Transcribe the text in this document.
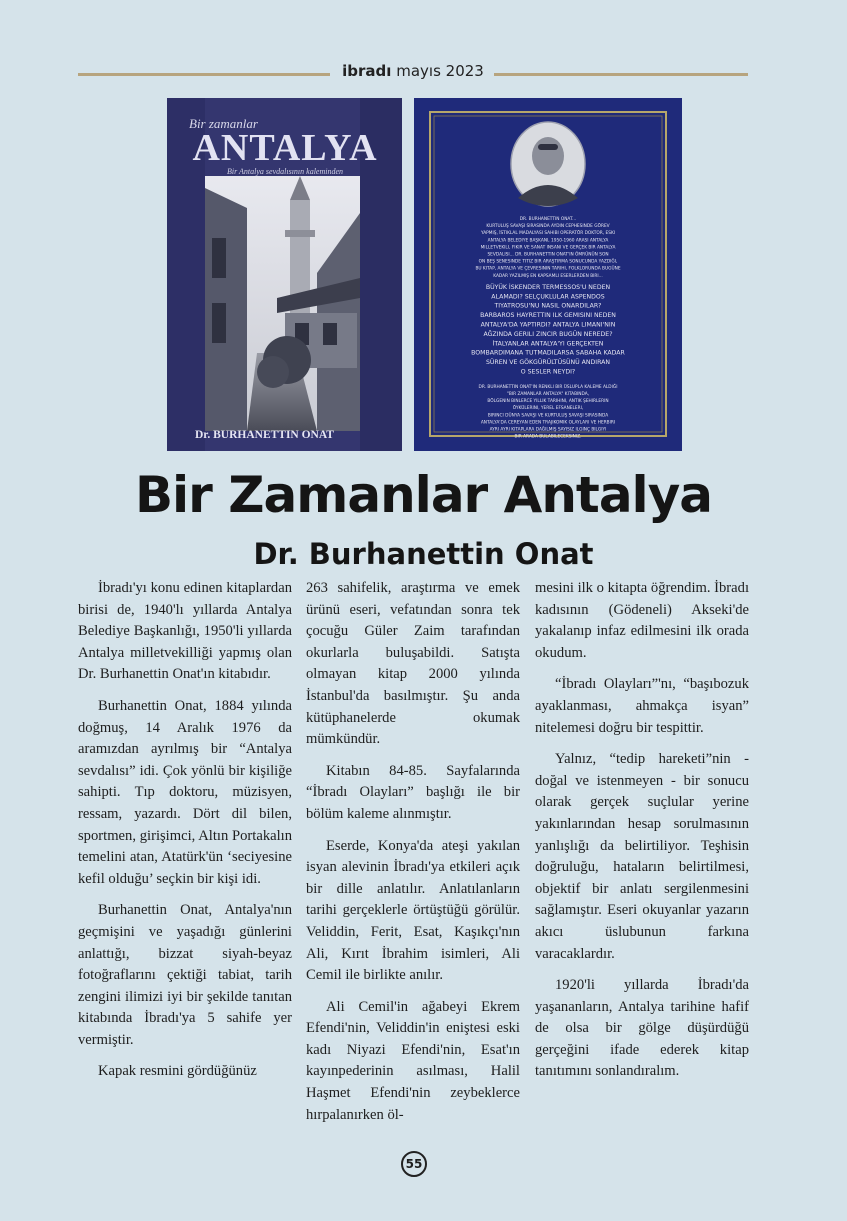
ibradı mayıs 2023
Bir zamanlar
ANTALYA
Bir Antalya sevdalısının kaleminden
Dr. BURHANETTIN ONAT
DR. BURHANETTIN ONAT...
KURTULUŞ SAVAŞI SIRASINDA AYDIN CEPHESINDE GÖREV
YAPMIŞ, İSTIKLAL MADALYASI SAHIBI OPERATÖR DOKTOR, ESKI
ANTALYA BELEDIYE BAŞKANI, 1950-1960 ARASI ANTALYA
MILLETVEKILI, FIKIR VE SANAT INSANI VE GERÇEK BIR ANTALYA
SEVDALISI... DR. BURHANETTIN ONAT'IN ÖMRÜNÜN SON
ON BEŞ SENESINDE TITIZ BIR ARAŞTIRMA SONUCUNDA YAZDIĞI,
BU KITAP, ANTALYA VE ÇEVRESININ TARIHI, FOLKLORUNDA BUGÜNE
KADAR YAZILMIŞ EN KAPSAMLI ESERLERDEN BIRI...
BÜYÜK İSKENDER TERMESSOS'U NEDEN
ALAMADI? SELÇUKLULAR ASPENDOS
TIYATROSU'NU NASIL ONARDILAR?
BARBAROS HAYRETTIN ILK GEMISINI NEDEN
ANTALYA'DA YAPTIRDI? ANTALYA LIMANI'NIN
AĞZINDA GERILI ZINCIR BUGÜN NEREDE?
İTALYANLAR ANTALYA'YI GERÇEKTEN
BOMBARDIMANA TUTMADILARSA SABAHA KADAR
SÜREN VE GÖKGÜRÜLTÜSÜNÜ ANDIRAN
O SESLER NEYDI?
DR. BURHANETTIN ONAT'IN RENKLI BIR ÜSLUPLA KALEME ALDIĞI
"BIR ZAMANLAR ANTALYA" KITABINDA,
BÖLGENIN BINLERCE YILLIK TARIHINI, ANTIK ŞEHIRLERIN
ÖYKÜLERINI, YEREL EFSANELERI,
BIRINCI DÜNYA SAVAŞI VE KURTULUŞ SAVAŞI SIRASINDA
ANTALYA'DA CEREYAN EDEN TRAJIKOMIK OLAYLARI VE HERBIRI
AYRI AYRI KITAPLARA DAĞILMIŞ SAYISIZ ILGINÇ BILGIYI
BIR ARADA BULABILECEKSINIZ.
Bir Zamanlar Antalya
Dr. Burhanettin Onat

İbradı'yı konu edinen kitaplardan birisi de, 1940'lı yıllarda Antalya Belediye Başkanlığı, 1950'li yıllarda Antalya milletvekilliği yapmış olan Dr. Burhanettin Onat'ın kitabıdır.

Burhanettin Onat, 1884 yılında doğmuş, 14 Aralık 1976 da aramızdan ayrılmış bir “Antalya sevdalısı” idi. Çok yönlü bir kişiliğe sahipti. Tıp doktoru, müzisyen, ressam, yazardı. Dört dil bilen, sportmen, girişimci, Altın Portakalın temelini atan, Atatürk'ün ‘seciyesine kefil olduğu’ seçkin bir kişi idi.

Burhanettin Onat, Antalya'nın geçmişini ve yaşadığı günlerini anlattığı, bizzat siyah-beyaz fotoğraflarını çektiği tabiat, tarih zengini ilimizi iyi bir şekilde tanıtan kitabında İbradı'ya 5 sahife yer vermiştir.

Kapak resmini gördüğünüz

263 sahifelik, araştırma ve emek ürünü eseri, vefatından sonra tek çocuğu Güler Zaim tarafından okurlarla buluşabildi. Satışta olmayan kitap 2000 yılında İstanbul'da basılmıştır. Şu anda kütüphanelerde okumak mümkündür.

Kitabın 84-85. Sayfalarında “İbradı Olayları” başlığı ile bir bölüm kaleme alınmıştır.

Eserde, Konya'da ateşi yakılan isyan alevinin İbradı'ya etkileri açık bir dille anlatılır. Anlatılanların tarihi gerçeklerle örtüştüğü görülür. Veliddin, Ferit, Esat, Kaşıkçı'nın Ali, Kırıt İbrahim isimleri, Ali Cemil ile birlikte anılır.

Ali Cemil'in ağabeyi Ekrem Efendi'nin, Veliddin'in eniştesi eski kadı Niyazi Efendi'nin, Esat'ın kayınpederinin asılması, Halil Haşmet Efendi'nin zeybeklerce hırpalanırken öl-

mesini ilk o kitapta öğrendim. İbradı kadısının (Gödeneli) Akseki'de yakalanıp infaz edilmesini ilk orada okudum.

“İbradı Olayları”'nı, “başıbozuk ayaklanması, ahmakça isyan” nitelemesi doğru bir tespittir.

Yalnız, “tedip hareketi”nin - doğal ve istenmeyen - bir sonucu olarak gerçek suçlular yerine yakınlarından hesap sorulmasının yanlışlığı da belirtiliyor. Teşhisin doğruluğu, hataların belirtilmesi, objektif bir anlatı sergilenmesini sağlamıştır. Eseri okuyanlar yazarın akıcı üslubunun farkına varacaklardır.

1920'li yıllarda İbradı'da yaşananların, Antalya tarihine hafif de olsa bir gölge düşürdüğü gerçeğini ifade ederek kitap tanıtımını sonlandıralım.

55
